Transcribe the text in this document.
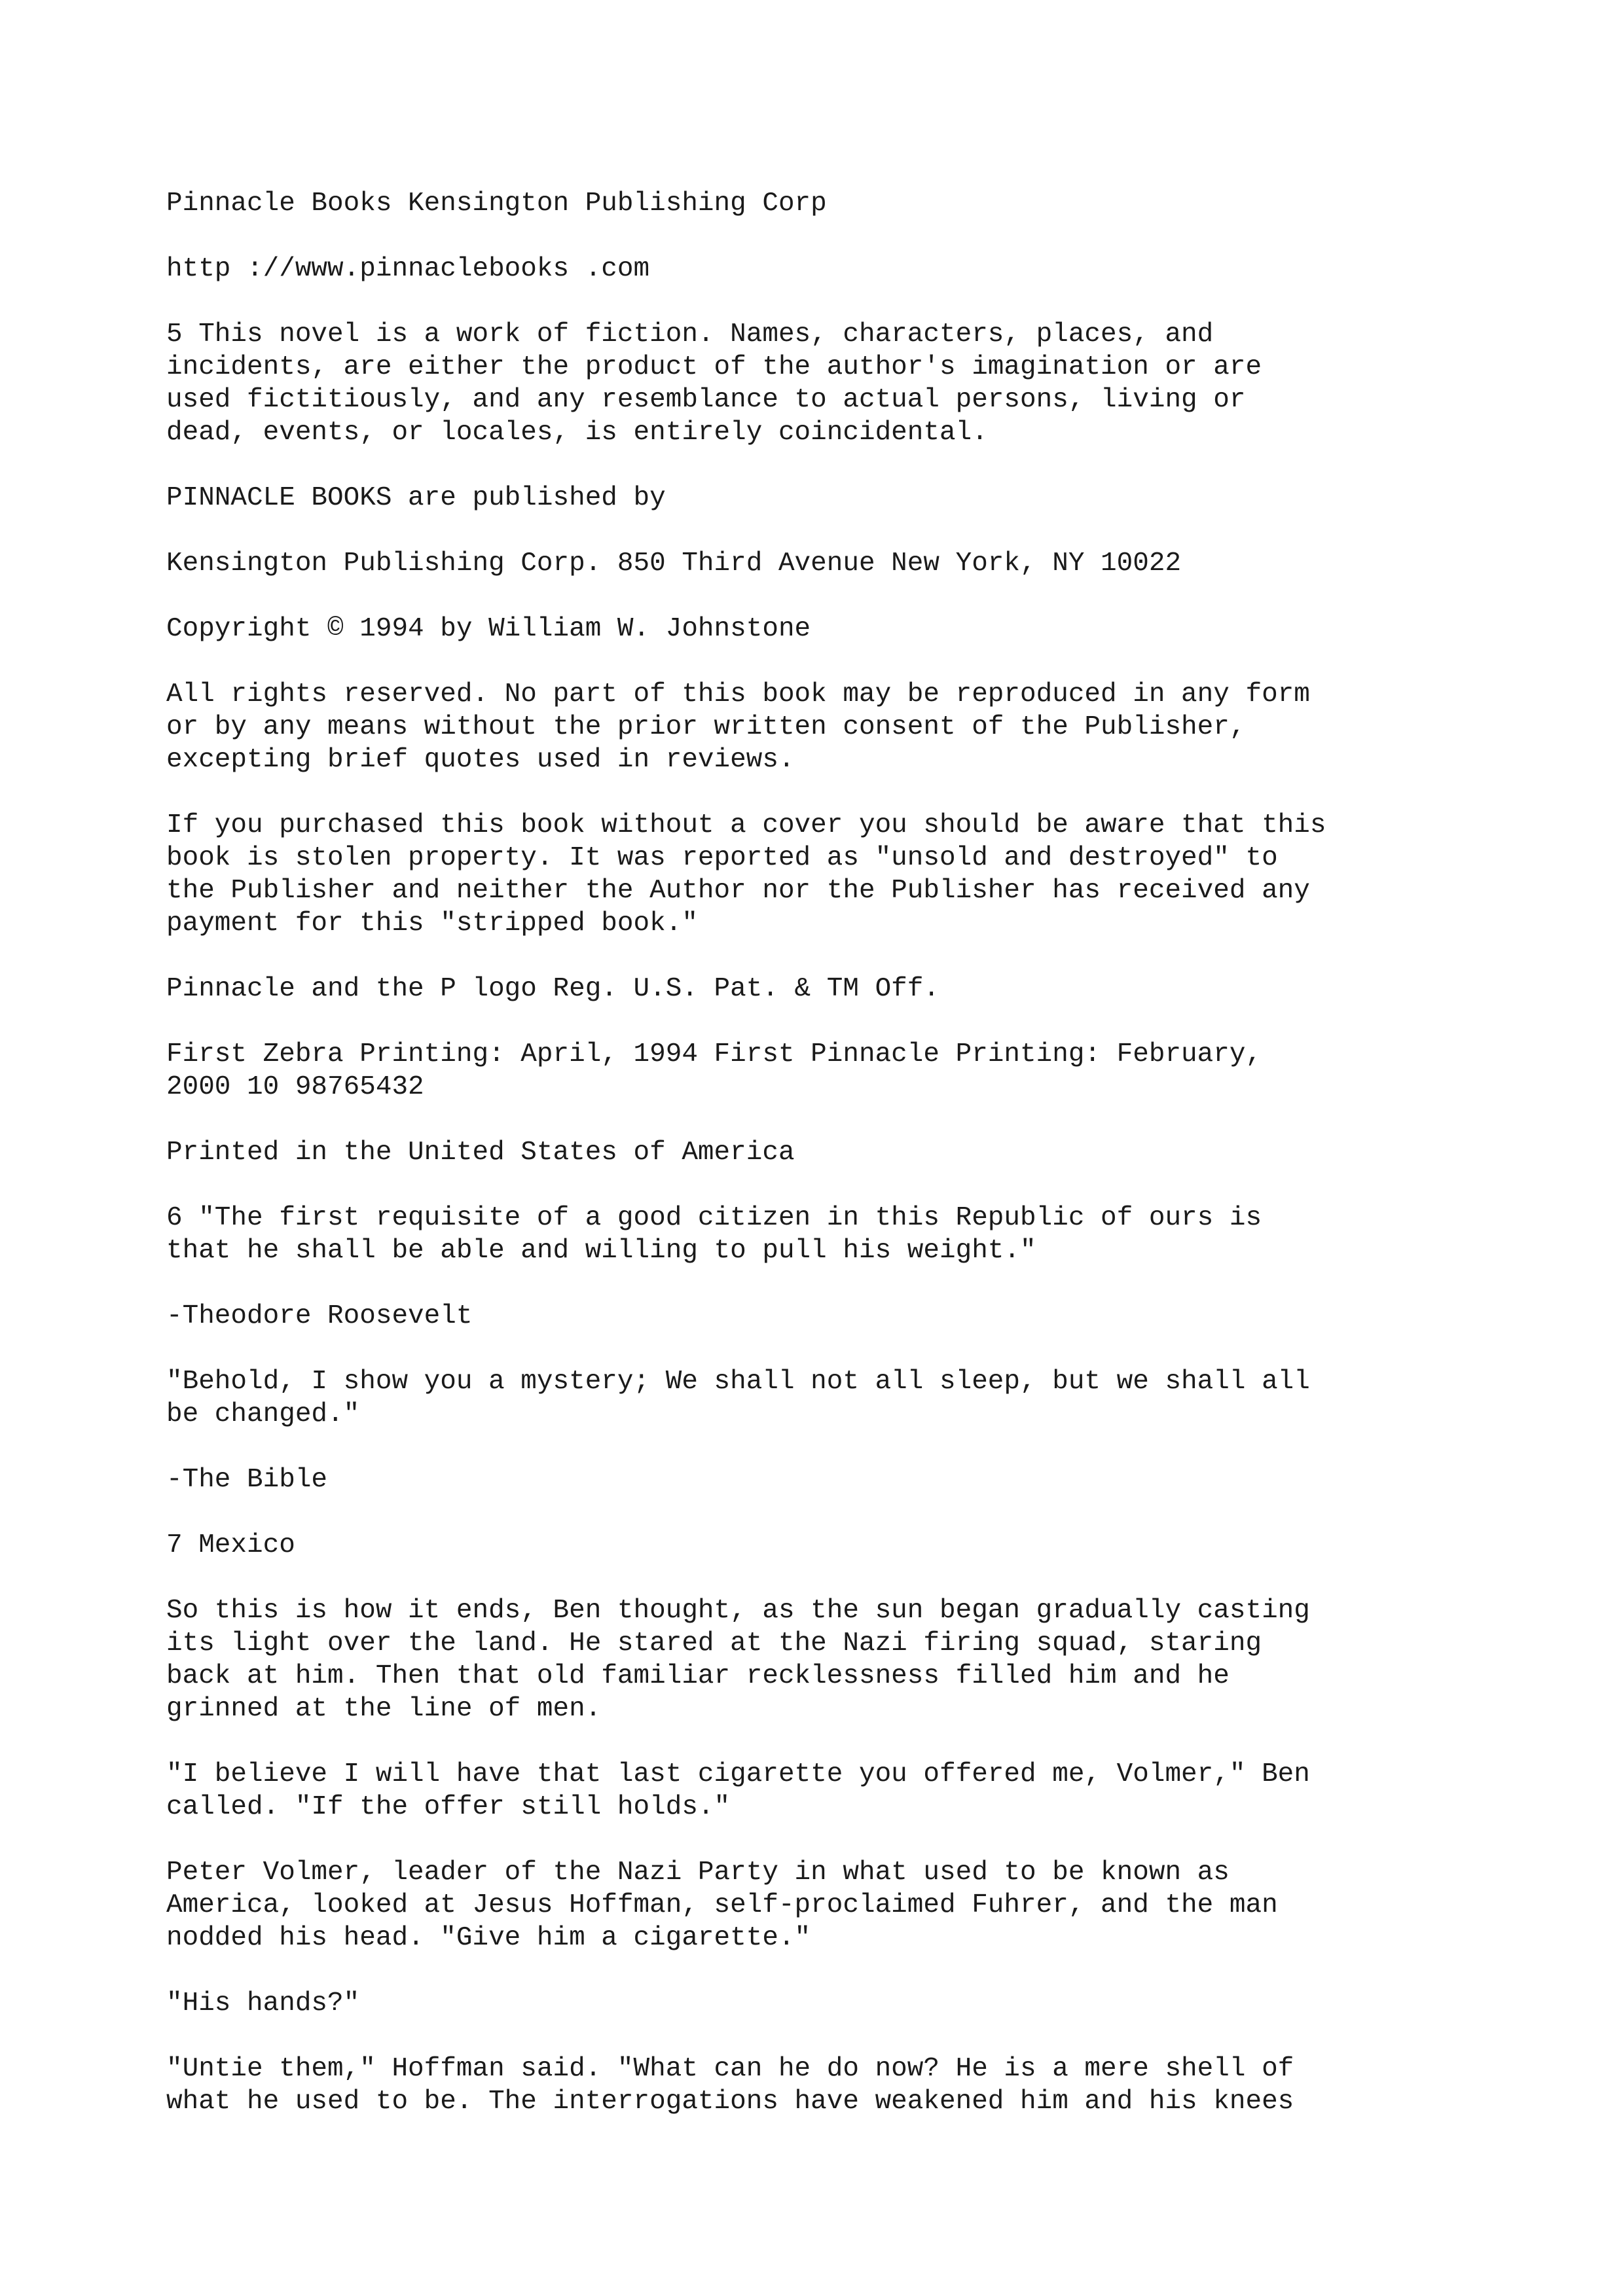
Pinnacle Books Kensington Publishing Corp

http ://www.pinnaclebooks .com

5 This novel is a work of fiction. Names, characters, places, and
incidents, are either the product of the author's imagination or are
used fictitiously, and any resemblance to actual persons, living or
dead, events, or locales, is entirely coincidental.

PINNACLE BOOKS are published by

Kensington Publishing Corp. 850 Third Avenue New York, NY 10022

Copyright © 1994 by William W. Johnstone

All rights reserved. No part of this book may be reproduced in any form
or by any means without the prior written consent of the Publisher,
excepting brief quotes used in reviews.

If you purchased this book without a cover you should be aware that this
book is stolen property. It was reported as "unsold and destroyed" to
the Publisher and neither the Author nor the Publisher has received any
payment for this "stripped book."

Pinnacle and the P logo Reg. U.S. Pat. & TM Off.

First Zebra Printing: April, 1994 First Pinnacle Printing: February,
2000 10 98765432

Printed in the United States of America

6 "The first requisite of a good citizen in this Republic of ours is
that he shall be able and willing to pull his weight."

-Theodore Roosevelt

"Behold, I show you a mystery; We shall not all sleep, but we shall all
be changed."

-The Bible

7 Mexico

So this is how it ends, Ben thought, as the sun began gradually casting
its light over the land. He stared at the Nazi firing squad, staring
back at him. Then that old familiar recklessness filled him and he
grinned at the line of men.

"I believe I will have that last cigarette you offered me, Volmer," Ben
called. "If the offer still holds."

Peter Volmer, leader of the Nazi Party in what used to be known as
America, looked at Jesus Hoffman, self-proclaimed Fuhrer, and the man
nodded his head. "Give him a cigarette."

"His hands?"

"Untie them," Hoffman said. "What can he do now? He is a mere shell of
what he used to be. The interrogations have weakened him and his knees
